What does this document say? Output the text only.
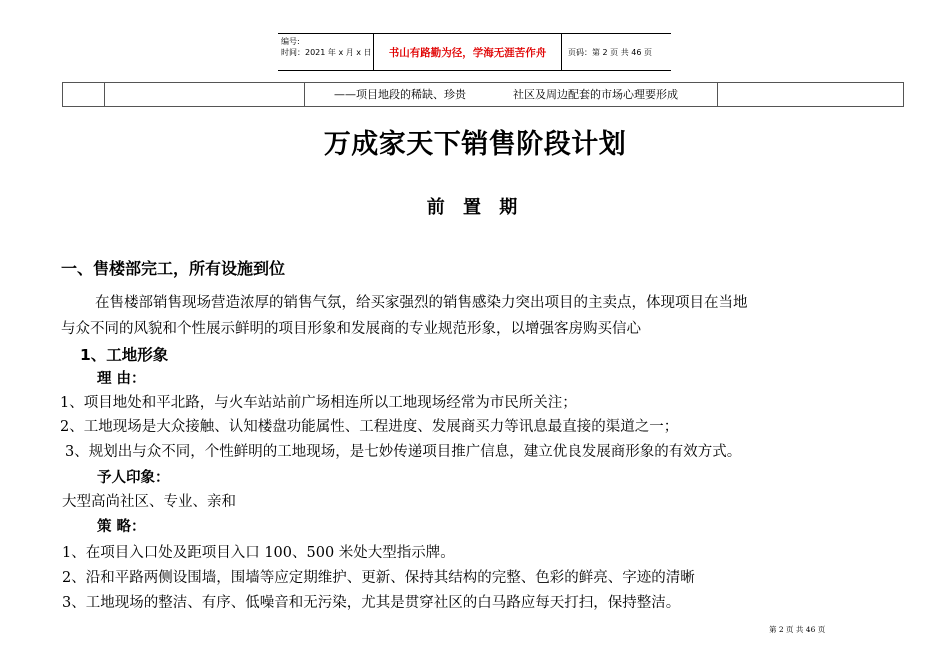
编号:
时间：2021 年 x 月 x 日	书山有路勤为径，学海无涯苦作舟	页码：第 2 页 共 46 页
——项目地段的稀缺、珍贵	社区及周边配套的市场心理要形成
万成家天下销售阶段计划
前 置 期
一、售楼部完工，所有设施到位
在售楼部销售现场营造浓厚的销售气氛，给买家强烈的销售感染力突出项目的主卖点，体现项目在当地
与众不同的风貌和个性展示鲜明的项目形象和发展商的专业规范形象，以增强客房购买信心
1、工地形象
理 由：
1、项目地处和平北路，与火车站站前广场相连所以工地现场经常为市民所关注；
2、工地现场是大众接触、认知楼盘功能属性、工程进度、发展商买力等讯息最直接的渠道之一；
3、规划出与众不同，个性鲜明的工地现场，是七妙传递项目推广信息，建立优良发展商形象的有效方式。
予人印象：
大型高尚社区、专业、亲和
策 略：
1、在项目入口处及距项目入口 100、500 米处大型指示牌。
2、沿和平路两侧设围墙，围墙等应定期维护、更新、保持其结构的完整、色彩的鲜亮、字迹的清晰
3、工地现场的整洁、有序、低噪音和无污染，尤其是贯穿社区的白马路应每天打扫，保持整洁。
第 2 页 共 46 页
